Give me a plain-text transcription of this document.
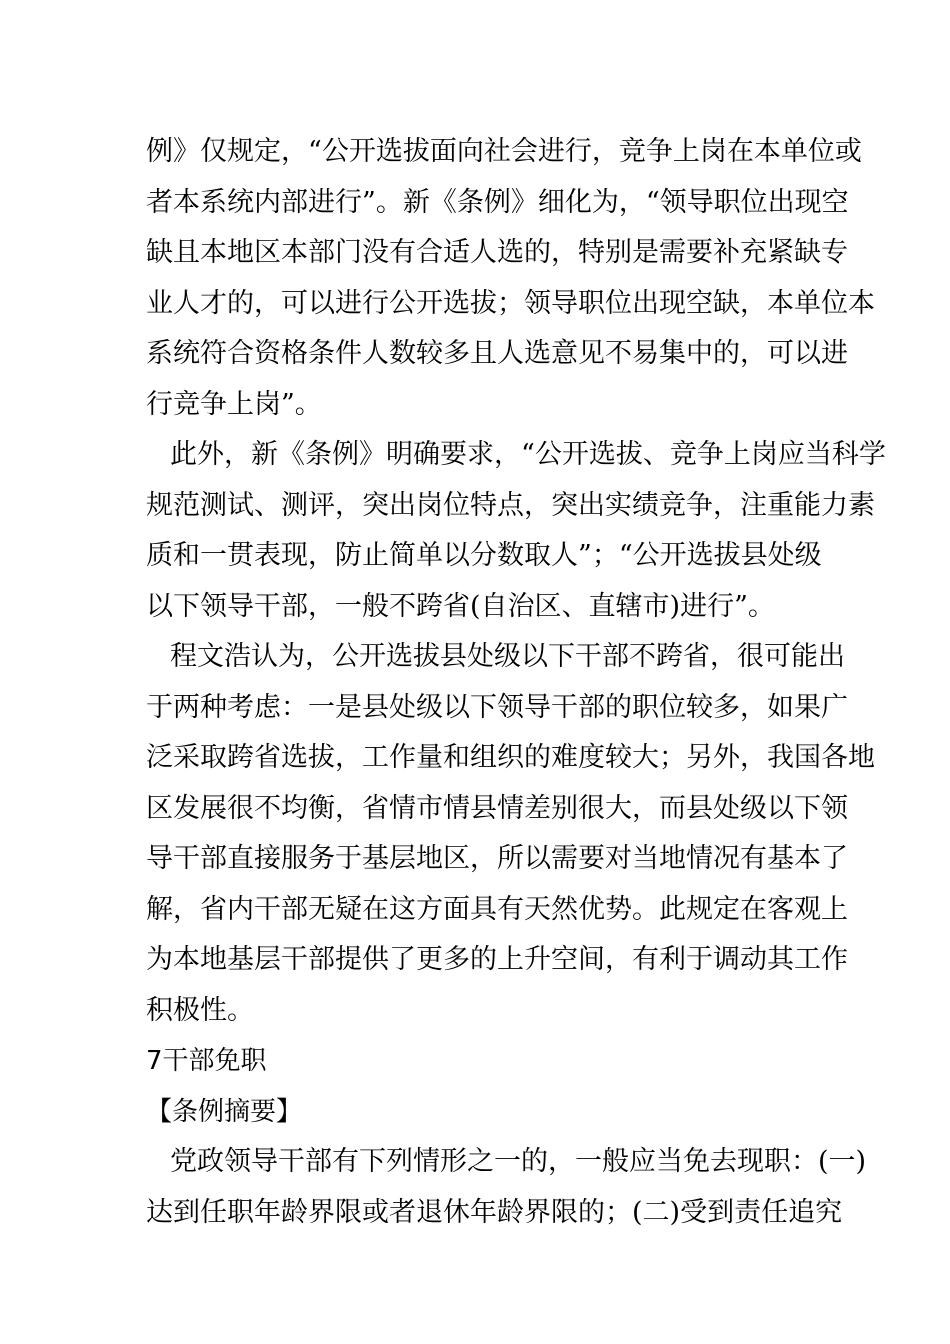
例 》 仅 规 定 ， “ 公 开 选 拔 面 向 社 会 进 行 ， 竞 争 上 岗 在 本 单 位 或
者 本 系 统 内 部 进 行 ” 。 新 《 条 例 》 细 化 为 ， “ 领 导 职 位 出 现 空
缺 且 本 地 区 本 部 门 没 有 合 适 人 选 的 ， 特 别 是 需 要 补 充 紧 缺 专
业 人 才 的 ， 可 以 进 行 公 开 选 拔 ； 领 导 职 位 出 现 空 缺 ， 本 单 位 本
系 统 符 合 资 格 条 件 人 数 较 多 且 人 选 意 见 不 易 集 中 的 ， 可 以 进
行竞争上岗”。
此 外 ， 新 《 条 例 》 明 确 要 求 ， “ 公 开 选 拔 、 竞 争 上 岗 应 当 科 学
规 范 测 试 、 测 评 ， 突 出 岗 位 特 点 ， 突 出 实 绩 竞 争 ， 注 重 能 力 素
质 和 一 贯 表 现 ， 防 止 简 单 以 分 数 取 人 ” ； “ 公 开 选 拔 县 处 级
以下领导干部，一般不跨省(自治区、直辖市)进行”。
程 文 浩 认 为 ， 公 开 选 拔 县 处 级 以 下 干 部 不 跨 省 ， 很 可 能 出
于 两 种 考 虑 ： 一 是 县 处 级 以 下 领 导 干 部 的 职 位 较 多 ， 如 果 广
泛 采 取 跨 省 选 拔 ， 工 作 量 和 组 织 的 难 度 较 大 ； 另 外 ， 我 国 各 地
区 发 展 很 不 均 衡 ， 省 情 市 情 县 情 差 别 很 大 ， 而 县 处 级 以 下 领
导 干 部 直 接 服 务 于 基 层 地 区 ， 所 以 需 要 对 当 地 情 况 有 基 本 了
解 ， 省 内 干 部 无 疑 在 这 方 面 具 有 天 然 优 势 。 此 规 定 在 客 观 上
为 本 地 基 层 干 部 提 供 了 更 多 的 上 升 空 间 ， 有 利 于 调 动 其 工 作
积极性。
7干部免职
【条例摘要】
党 政 领 导 干 部 有 下 列 情 形 之 一 的 ， 一 般 应 当 免 去 现 职 ： ( 一 )
达 到 任 职 年 龄 界 限 或 者 退 休 年 龄 界 限 的 ； ( 二 ) 受 到 责 任 追 究
